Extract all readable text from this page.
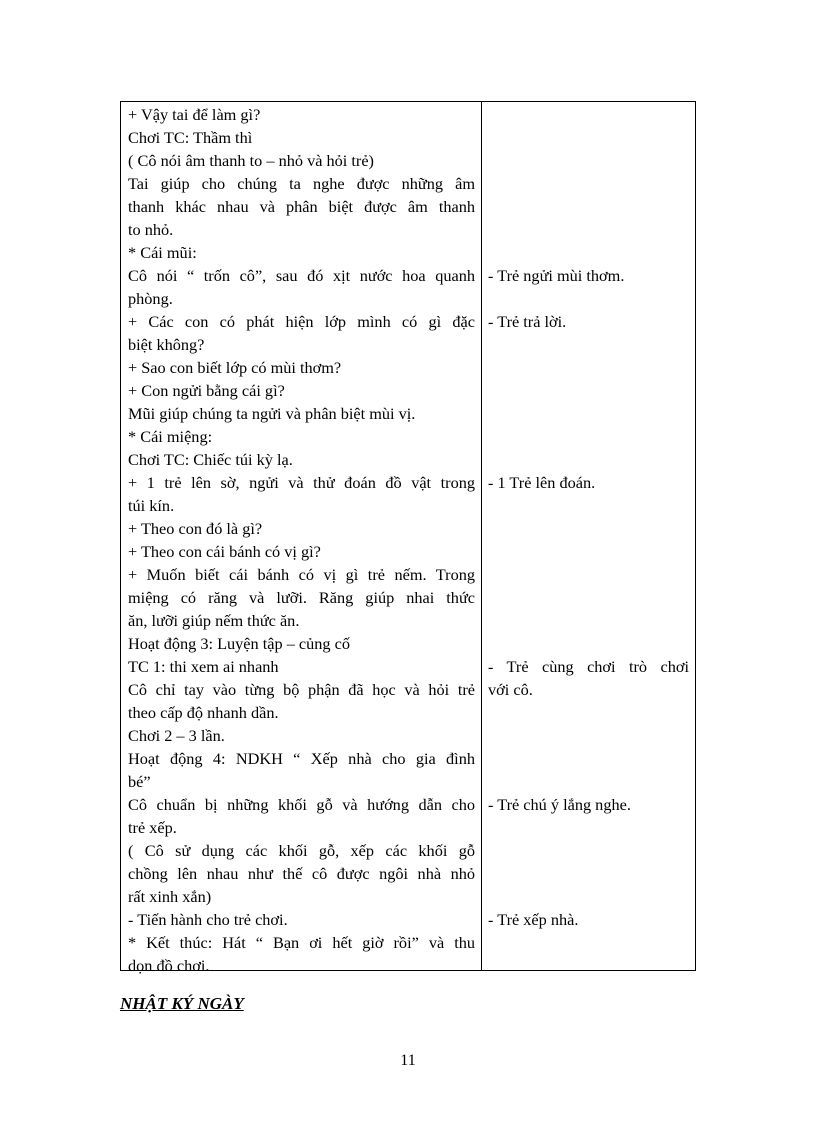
+ Vậy tai để làm gì?
Chơi TC: Thầm thì
( Cô nói âm thanh to – nhỏ và hỏi trẻ)
Tai giúp cho chúng ta nghe được những âm
thanh khác nhau và phân biệt được âm thanh
to nhỏ.
* Cái mũi:
Cô nói “ trốn cô”, sau đó xịt nước hoa quanh
phòng.
+ Các con có phát hiện lớp mình có gì đặc
biệt không?
+ Sao con biết lớp có mùi thơm?
+ Con ngửi bằng cái gì?
Mũi giúp chúng ta ngửi và phân biệt mùi vị.
* Cái miệng:
Chơi TC: Chiếc túi kỳ lạ.
+ 1 trẻ lên sờ, ngửi và thử đoán đồ vật trong
túi kín.
+ Theo con đó là gì?
+ Theo con cái bánh có vị gì?
+ Muốn biết cái bánh có vị gì trẻ nếm. Trong
miệng có răng và lưỡi. Răng giúp nhai thức
ăn, lưỡi giúp nếm thức ăn.
Hoạt động 3: Luyện tập – củng cố
TC 1: thi xem ai nhanh
Cô chỉ tay vào từng bộ phận đã học và hỏi trẻ
theo cấp độ nhanh dần.
Chơi 2 – 3 lần.
Hoạt động 4: NDKH “ Xếp nhà cho gia đình
bé”
Cô chuẩn bị những khối gỗ và hướng dẫn cho
trẻ xếp.
( Cô sử dụng các khối gỗ, xếp các khối gỗ
chồng lên nhau như thế cô được ngôi nhà nhỏ
rất xinh xắn)
- Tiến hành cho trẻ chơi.
* Kết thúc: Hát “ Bạn ơi hết giờ rồi” và thu
dọn đồ chơi.
- Trẻ ngửi mùi thơm.
- Trẻ trả lời.
- 1 Trẻ lên đoán.
- Trẻ cùng chơi trò chơi
với cô.
- Trẻ chú ý lắng nghe.
- Trẻ xếp nhà.
NHẬT KÝ NGÀY
11
